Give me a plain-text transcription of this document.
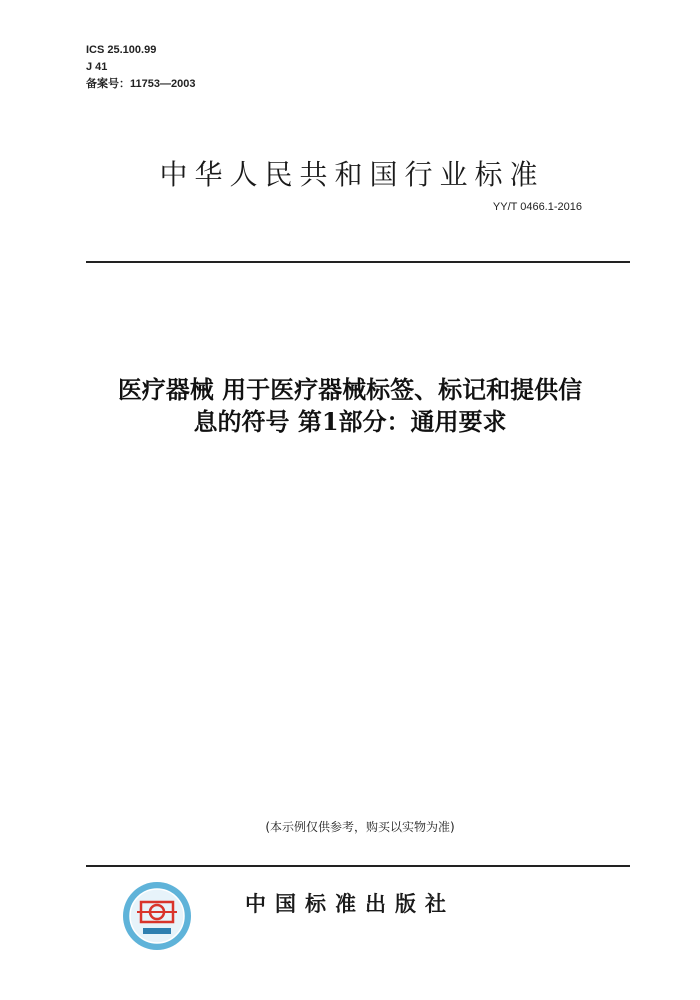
ICS 25.100.99
J 41
备案号：11753—2003
中华人民共和国行业标准
YY/T 0466.1-2016
医疗器械 用于医疗器械标签、标记和提供信
息的符号 第1部分：通用要求
(本示例仅供参考，购买以实物为准)
中国标准出版社
